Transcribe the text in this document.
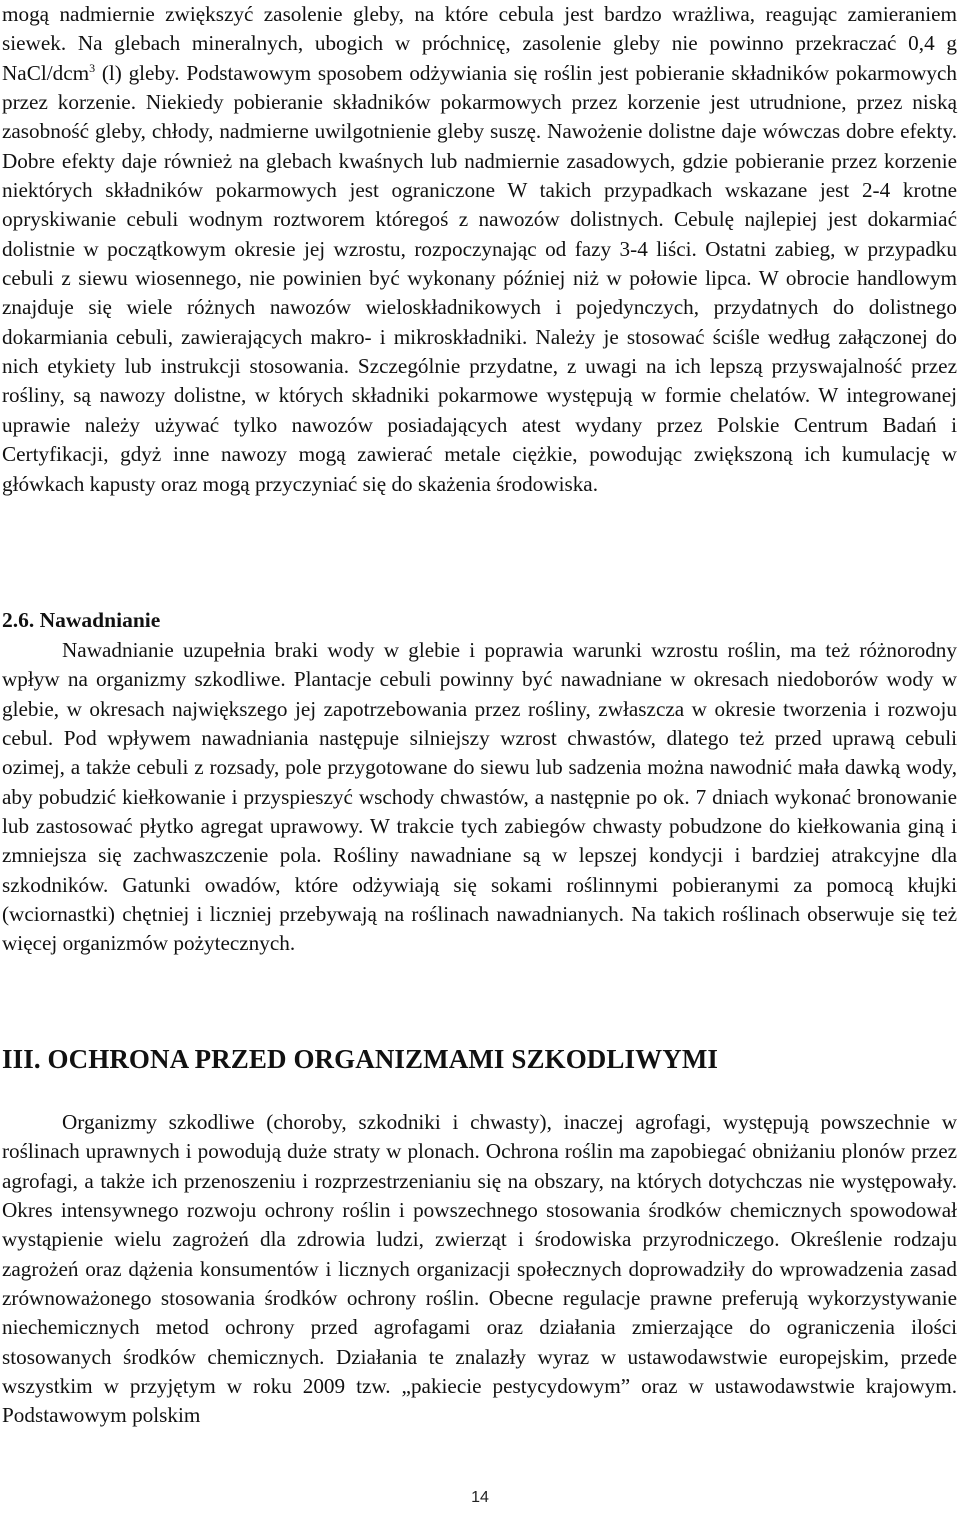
mogą nadmiernie zwiększyć zasolenie gleby, na które cebula jest bardzo wrażliwa, reagując zamieraniem siewek. Na glebach mineralnych, ubogich w próchnicę, zasolenie gleby nie powinno przekraczać 0,4 g NaCl/dcm$^3$ (l) gleby. Podstawowym sposobem odżywiania się roślin jest pobieranie składników pokarmowych przez korzenie. Niekiedy pobieranie składników pokarmowych przez korzenie jest utrudnione, przez niską zasobność gleby, chłody, nadmierne uwilgotnienie gleby suszę. Nawożenie dolistne daje wówczas dobre efekty. Dobre efekty daje również na glebach kwaśnych lub nadmiernie zasadowych, gdzie pobieranie przez korzenie niektórych składników pokarmowych jest ograniczone W takich przypadkach wskazane jest 2-4 krotne opryskiwanie cebuli wodnym roztworem któregoś z nawozów dolistnych. Cebulę najlepiej jest dokarmiać dolistnie w początkowym okresie jej wzrostu, rozpoczynając od fazy 3-4 liści. Ostatni zabieg, w przypadku cebuli z siewu wiosennego, nie powinien być wykonany później niż w połowie lipca. W obrocie handlowym znajduje się wiele różnych nawozów wieloskładnikowych i pojedynczych, przydatnych do dolistnego dokarmiania cebuli, zawierających makro- i mikroskładniki. Należy je stosować ściśle według załączonej do nich etykiety lub instrukcji stosowania. Szczególnie przydatne, z uwagi na ich lepszą przyswajalność przez rośliny, są nawozy dolistne, w których składniki pokarmowe występują w formie chelatów. W integrowanej uprawie należy używać tylko nawozów posiadających atest wydany przez Polskie Centrum Badań i Certyfikacji, gdyż inne nawozy mogą zawierać metale ciężkie, powodując zwiększoną ich kumulację w główkach kapusty oraz mogą przyczyniać się do skażenia środowiska.

2.6. Nawadnianie

Nawadnianie uzupełnia braki wody w glebie i poprawia warunki wzrostu roślin, ma też różnorodny wpływ na organizmy szkodliwe. Plantacje cebuli powinny być nawadniane w okresach niedoborów wody w glebie, w okresach największego jej zapotrzebowania przez rośliny, zwłaszcza w okresie tworzenia i rozwoju cebul. Pod wpływem nawadniania następuje silniejszy wzrost chwastów, dlatego też przed uprawą cebuli ozimej, a także cebuli z rozsady, pole przygotowane do siewu lub sadzenia można nawodnić mała dawką wody, aby pobudzić kiełkowanie i przyspieszyć wschody chwastów, a następnie po ok. 7 dniach wykonać bronowanie lub zastosować płytko agregat uprawowy. W trakcie tych zabiegów chwasty pobudzone do kiełkowania giną i zmniejsza się zachwaszczenie pola. Rośliny nawadniane są w lepszej kondycji i bardziej atrakcyjne dla szkodników. Gatunki owadów, które odżywiają się sokami roślinnymi pobieranymi za pomocą kłujki (wciornastki) chętniej i liczniej przebywają na roślinach nawadnianych. Na takich roślinach obserwuje się też więcej organizmów pożytecznych.

III. OCHRONA PRZED ORGANIZMAMI SZKODLIWYMI

Organizmy szkodliwe (choroby, szkodniki i chwasty), inaczej agrofagi, występują powszechnie w roślinach uprawnych i powodują duże straty w plonach. Ochrona roślin ma zapobiegać obniżaniu plonów przez agrofagi, a także ich przenoszeniu i rozprzestrzenianiu się na obszary, na których dotychczas nie występowały. Okres intensywnego rozwoju ochrony roślin i powszechnego stosowania środków chemicznych spowodował wystąpienie wielu zagrożeń dla zdrowia ludzi, zwierząt i środowiska przyrodniczego. Określenie rodzaju zagrożeń oraz dążenia konsumentów i licznych organizacji społecznych doprowadziły do wprowadzenia zasad zrównoważonego stosowania środków ochrony roślin. Obecne regulacje prawne preferują wykorzystywanie niechemicznych metod ochrony przed agrofagami oraz działania zmierzające do ograniczenia ilości stosowanych środków chemicznych. Działania te znalazły wyraz w ustawodawstwie europejskim, przede wszystkim w przyjętym w roku 2009 tzw. „pakiecie pestycydowym” oraz w ustawodawstwie krajowym. Podstawowym polskim

14
